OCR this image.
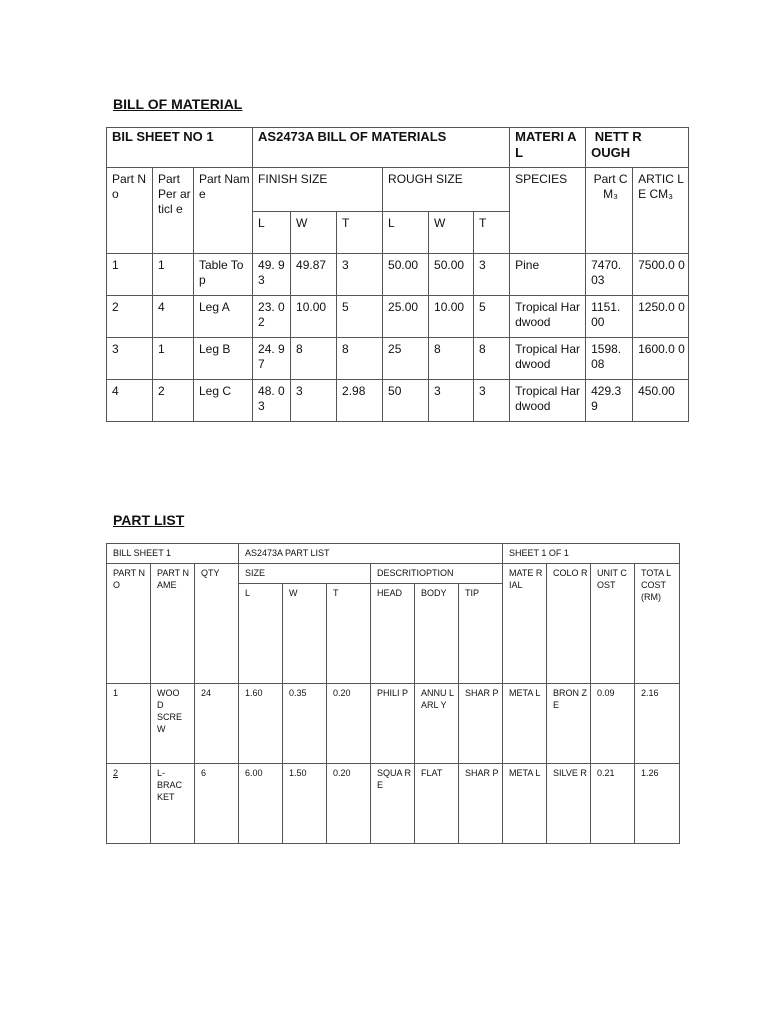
BILL OF MATERIAL
BIL SHEET NO 1			AS2473A BILL OF MATERIALS						MATERI AL	NETT ROUGH	

Part No	Part Per articl e	Part Name	FINISH SIZE			ROUGH SIZE			SPECIES	Part CM₃	ARTIC LE CM₃

			L	W	T	L	W	T			

1	1	Table Top	49. 93	49.87	3	50.00	50.00	3	Pine	7470. 03	7500.0 0

2	4	Leg A	23. 02	10.00	5	25.00	10.00	5	Tropical Hardwood	1151. 00	1250.0 0

3	1	Leg B	24. 97	8	8	25	8	8	Tropical Hardwood	1598. 08	1600.0 0

4	2	Leg C	48. 03	3	2.98	50	3	3	Tropical Hardwood	429.3 9	450.00
PART LIST
BILL SHEET 1			AS2473A PART LIST						SHEET 1 OF 1			

PART NO	PART NAME	QTY	SIZE			DESCRITIOPTION			MATE RIAL	COLO R	UNIT COST	TOTA L COST (RM)

			L	W	T	HEAD	BODY	TIP				

1	WOO D SCRE W	24	1.60	0.35	0.20	PHILI P	ANNU LARL Y	SHAR P	META L	BRON ZE	0.09	2.16

2	L- BRAC KET	6	6.00	1.50	0.20	SQUA RE	FLAT	SHAR P	META L	SILVE R	0.21	1.26
